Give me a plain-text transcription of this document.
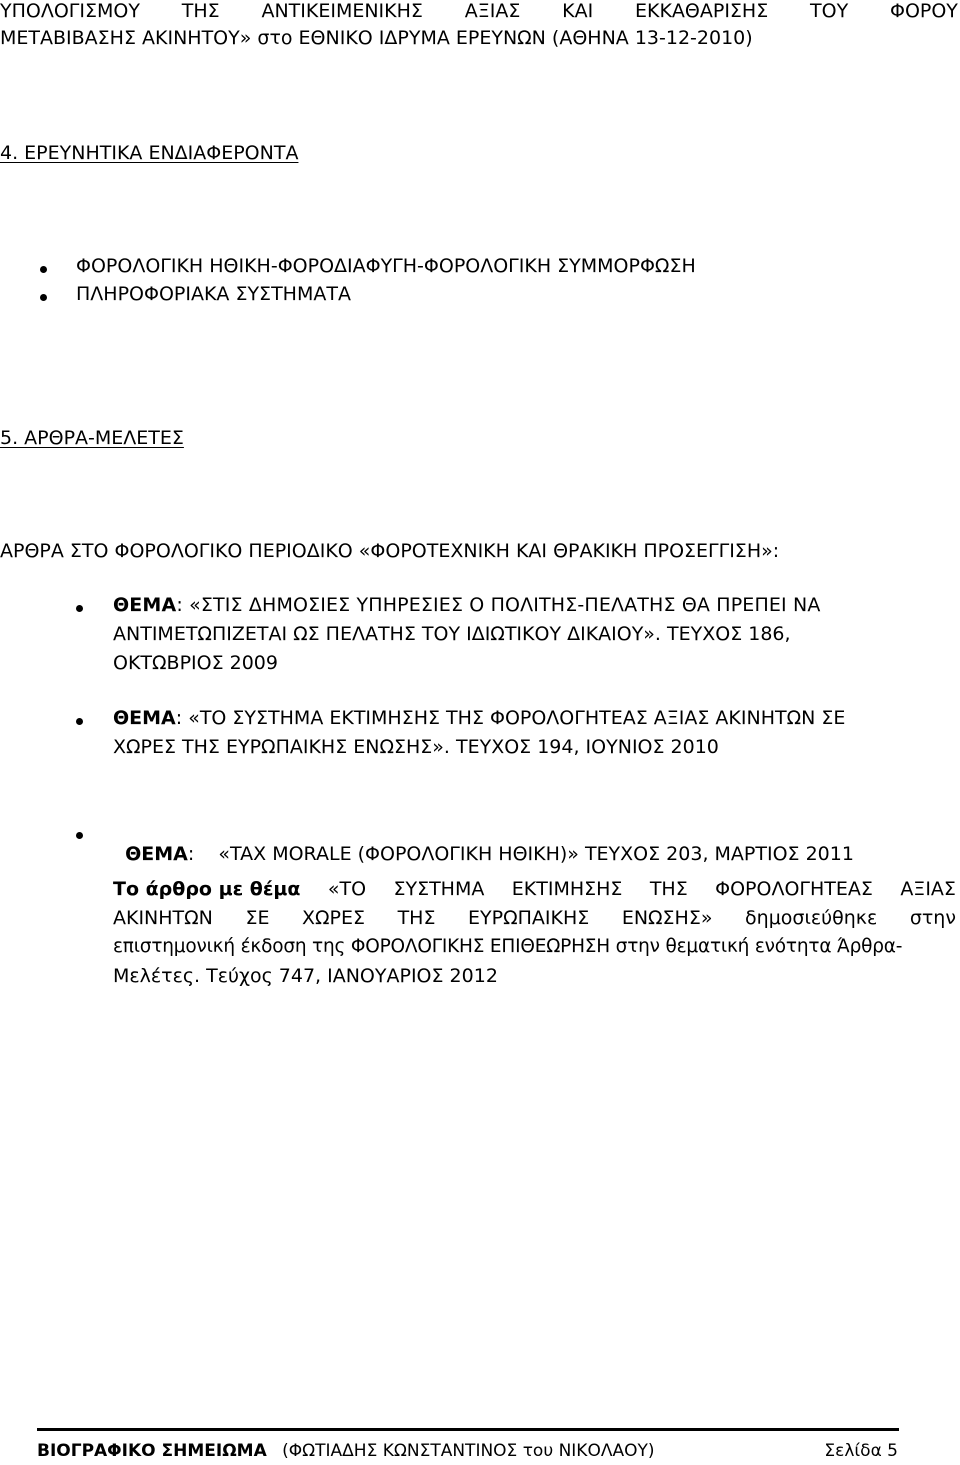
ΥΠΟΛΟΓΙΣΜΟΥ ΤΗΣ ΑΝΤΙΚΕΙΜΕΝΙΚΗΣ ΑΞΙΑΣ ΚΑΙ ΕΚΚΑΘΑΡΙΣΗΣ ΤΟΥ ΦΟΡΟΥ
ΜΕΤΑΒΙΒΑΣΗΣ ΑΚΙΝΗΤΟΥ» στο ΕΘΝΙΚΟ ΙΔΡΥΜΑ ΕΡΕΥΝΩΝ (ΑΘΗΝΑ 13-12-2010)
4. ΕΡΕΥΝΗΤΙΚΑ ΕΝΔΙΑΦΕΡΟΝΤΑ
ΦΟΡΟΛΟΓΙΚΗ ΗΘΙΚΗ-ΦΟΡΟΔΙΑΦΥΓΗ-ΦΟΡΟΛΟΓΙΚΗ ΣΥΜΜΟΡΦΩΣΗ
ΠΛΗΡΟΦΟΡΙΑΚΑ ΣΥΣΤΗΜΑΤΑ
5. ΑΡΘΡΑ-ΜΕΛΕΤΕΣ
ΑΡΘΡΑ ΣΤΟ ΦΟΡΟΛΟΓΙΚΟ ΠΕΡΙΟΔΙΚΟ «ΦΟΡΟΤΕΧΝΙΚΗ ΚΑΙ ΘΡΑΚΙΚΗ ΠΡΟΣΕΓΓΙΣΗ»:
ΘΕΜΑ: «ΣΤΙΣ ΔΗΜΟΣΙΕΣ ΥΠΗΡΕΣΙΕΣ Ο ΠΟΛΙΤΗΣ-ΠΕΛΑΤΗΣ ΘΑ ΠΡΕΠΕΙ ΝΑ
ΑΝΤΙΜΕΤΩΠΙΖΕΤΑΙ ΩΣ ΠΕΛΑΤΗΣ ΤΟΥ ΙΔΙΩΤΙΚΟΥ ΔΙΚΑΙΟΥ». ΤΕΥΧΟΣ 186,
ΟΚΤΩΒΡΙΟΣ 2009
ΘΕΜΑ: «ΤΟ ΣΥΣΤΗΜΑ ΕΚΤΙΜΗΣΗΣ ΤΗΣ ΦΟΡΟΛΟΓΗΤΕΑΣ ΑΞΙΑΣ ΑΚΙΝΗΤΩΝ ΣΕ
ΧΩΡΕΣ ΤΗΣ ΕΥΡΩΠΑΙΚΗΣ ΕΝΩΣΗΣ». ΤΕΥΧΟΣ 194, ΙΟΥΝΙΟΣ 2010

ΘΕΜΑ:    «TAX MORALE (ΦΟΡΟΛΟΓΙΚΗ ΗΘΙΚΗ)» ΤΕΥΧΟΣ 203, ΜΑΡΤΙΟΣ 2011

Το άρθρο με θέμα «ΤΟ ΣΥΣΤΗΜΑ ΕΚΤΙΜΗΣΗΣ ΤΗΣ ΦΟΡΟΛΟΓΗΤΕΑΣ ΑΞΙΑΣ
ΑΚΙΝΗΤΩΝ ΣΕ ΧΩΡΕΣ ΤΗΣ ΕΥΡΩΠΑΙΚΗΣ ΕΝΩΣΗΣ» δημοσιεύθηκε στην
επιστημονική έκδοση της ΦΟΡΟΛΟΓΙΚΗΣ ΕΠΙΘΕΩΡΗΣΗ στην θεματική ενότητα Άρθρα-
Μελέτες. Τεύχος 747, ΙΑΝΟΥΑΡΙΟΣ 2012
ΒΙΟΓΡΑΦΙΚΟ ΣΗΜΕΙΩΜΑ (ΦΩΤΙΑΔΗΣ ΚΩΝΣΤΑΝΤΙΝΟΣ του ΝΙΚΟΛΑΟΥ)	Σελίδα 5
